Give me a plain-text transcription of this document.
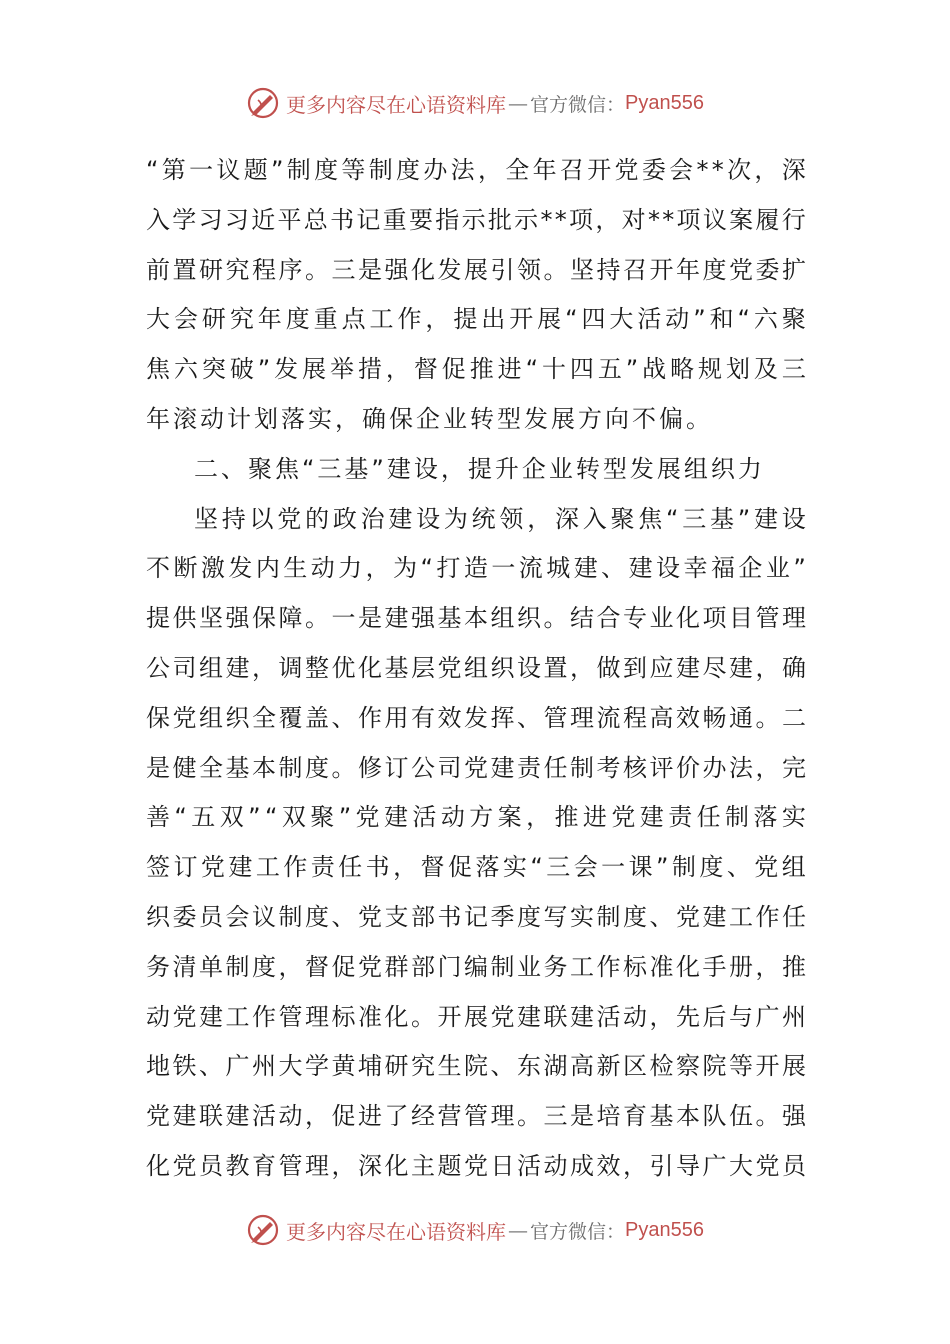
更多内容尽在心语资料库 — 官方微信： Pyan556
“ 第 一 议 题 ” 制 度 等 制 度 办 法 ， 全 年 召 开 党 委 会 * * 次 ， 深
入 学 习 习 近 平 总 书 记 重 要 指 示 批 示 * * 项 ， 对 * * 项 议 案 履 行
前 置 研 究 程 序 。 三 是 强 化 发 展 引 领 。 坚 持 召 开 年 度 党 委 扩
大 会 研 究 年 度 重 点 工 作 ， 提 出 开 展 “ 四 大 活 动 ” 和 “ 六 聚
焦 六 突 破 ” 发 展 举 措 ， 督 促 推 进 “ 十 四 五 ” 战 略 规 划 及 三
年滚动计划落实，确保企业转型发展方向不偏。
二、聚焦“三基”建设，提升企业转型发展组织力
坚 持 以 党 的 政 治 建 设 为 统 领 ， 深 入 聚 焦 “ 三 基 ” 建 设
不 断 激 发 内 生 动 力 ， 为 “ 打 造 一 流 城 建 、 建 设 幸 福 企 业 ”
提 供 坚 强 保 障 。 一 是 建 强 基 本 组 织 。 结 合 专 业 化 项 目 管 理
公 司 组 建 ， 调 整 优 化 基 层 党 组 织 设 置 ， 做 到 应 建 尽 建 ， 确
保 党 组 织 全 覆 盖 、 作 用 有 效 发 挥 、 管 理 流 程 高 效 畅 通 。 二
是 健 全 基 本 制 度 。 修 订 公 司 党 建 责 任 制 考 核 评 价 办 法 ， 完
善 “ 五 双 ” “ 双 聚 ” 党 建 活 动 方 案 ， 推 进 党 建 责 任 制 落 实
签 订 党 建 工 作 责 任 书 ， 督 促 落 实 “ 三 会 一 课 ” 制 度 、 党 组
织 委 员 会 议 制 度 、 党 支 部 书 记 季 度 写 实 制 度 、 党 建 工 作 任
务 清 单 制 度 ， 督 促 党 群 部 门 编 制 业 务 工 作 标 准 化 手 册 ， 推
动 党 建 工 作 管 理 标 准 化 。 开 展 党 建 联 建 活 动 ， 先 后 与 广 州
地 铁 、 广 州 大 学 黄 埔 研 究 生 院 、 东 湖 高 新 区 检 察 院 等 开 展
党 建 联 建 活 动 ， 促 进 了 经 营 管 理 。 三 是 培 育 基 本 队 伍 。 强
化 党 员 教 育 管 理 ， 深 化 主 题 党 日 活 动 成 效 ， 引 导 广 大 党 员
更多内容尽在心语资料库 — 官方微信： Pyan556
